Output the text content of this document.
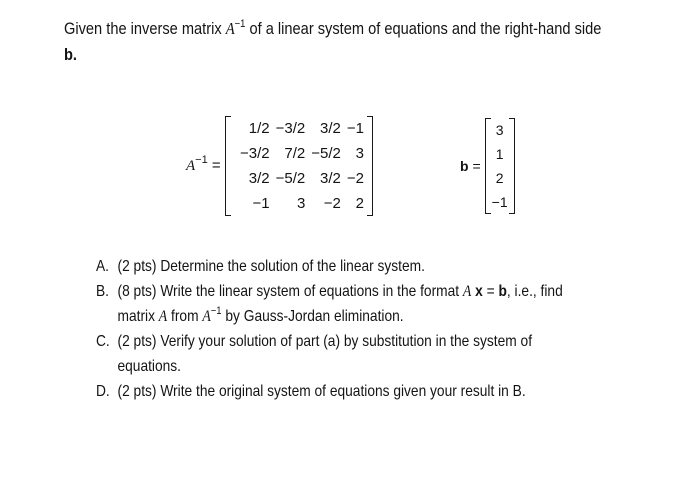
Given the inverse matrix $A^{-1}$ of a linear system of equations and the right-hand side
b.
$A^{-1}$ =
1/2	−3/2	3/2	−1
−3/2	7/2	−5/2	3
3/2	−5/2	3/2	−2
−1	3	−2	2
b =
3
1
2
−1
A. (2 pts) Determine the solution of the linear system.
B. (8 pts) Write the linear system of equations in the format A x = b, i.e., find
matrix A from $A^{-1}$ by Gauss-Jordan elimination.
C. (2 pts) Verify your solution of part (a) by substitution in the system of
equations.
D. (2 pts) Write the original system of equations given your result in B.
